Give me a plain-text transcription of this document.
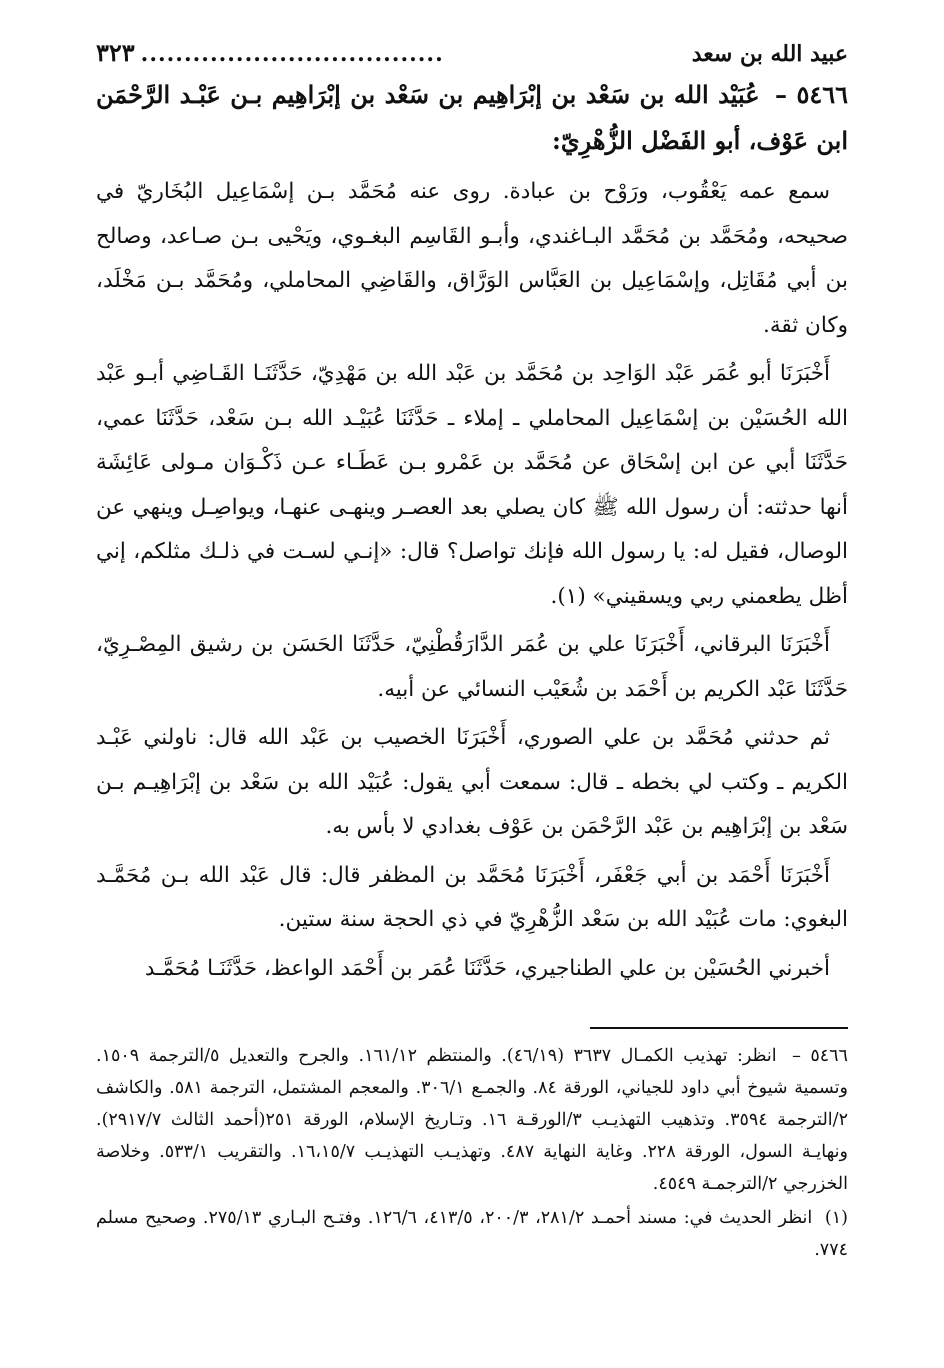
عبيد الله بن سعد
...................................
٣٢٣
٥٤٦٦ – عُبَيْد الله بن سَعْد بن إبْرَاهِيم بن سَعْد بن إبْرَاهِيم بـن عَبْـد الرَّحْمَن ابن عَوْف، أبو الفَضْل الزُّهْرِيّ:

سمع عمه يَعْقُوب، ورَوْح بن عبادة. روى عنه مُحَمَّد بـن إسْمَاعِيل البُخَاريّ في صحيحه، ومُحَمَّد بن مُحَمَّد البـاغندي، وأبـو القَاسِم البغـوي، ويَحْيى بـن صـاعد، وصالح بن أبي مُقَاتِل، وإسْمَاعِيل بن العَبَّاس الوَرَّاق، والقَاضِي المحاملي، ومُحَمَّد بـن مَخْلَد، وكان ثقة.

أَخْبَرَنَا أبو عُمَر عَبْد الوَاحِد بن مُحَمَّد بن عَبْد الله بن مَهْدِيّ، حَدَّثَنَـا القَـاضِي أبـو عَبْد الله الحُسَيْن بن إسْمَاعِيل المحاملي ـ إملاء ـ حَدَّثَنَا عُبَيْـد الله بـن سَعْد، حَدَّثَنَا عمي، حَدَّثَنَا أبي عن ابن إسْحَاق عن مُحَمَّد بن عَمْرو بـن عَطَـاء عـن ذَكْـوَان مـولى عَائِشَة أنها حدثته: أن رسول الله ﷺ كان يصلي بعد العصـر وينهـى عنهـا، ويواصِـل وينهي عن الوصال، فقيل له: يا رسول الله فإنك تواصل؟ قال: «إنـي لسـت في ذلـك مثلكم، إني أظل يطعمني ربي ويسقيني» (١).

أَخْبَرَنَا البرقاني، أَخْبَرَنَا علي بن عُمَر الدَّارَقُطْنِيّ، حَدَّثَنَا الحَسَن بن رشيق المِصْـرِيّ، حَدَّثَنَا عَبْد الكريم بن أَحْمَد بن شُعَيْب النسائي عن أبيه.

ثم حدثني مُحَمَّد بن علي الصوري، أَخْبَرَنَا الخصيب بن عَبْد الله قال: ناولني عَبْـد الكريم ـ وكتب لي بخطه ـ قال: سمعت أبي يقول: عُبَيْد الله بن سَعْد بن إبْرَاهِيـم بـن سَعْد بن إبْرَاهِيم بن عَبْد الرَّحْمَن بن عَوْف بغدادي لا بأس به.

أَخْبَرَنَا أَحْمَد بن أبي جَعْفَر، أَخْبَرَنَا مُحَمَّد بن المظفر قال: قال عَبْد الله بـن مُحَمَّـد البغوي: مات عُبَيْد الله بن سَعْد الزُّهْرِيّ في ذي الحجة سنة ستين.

أخبرني الحُسَيْن بن علي الطناجيري، حَدَّثَنَا عُمَر بن أَحْمَد الواعظ، حَدَّثَنَـا مُحَمَّـد

٥٤٦٦ – انظر: تهذيب الكمـال ٣٦٣٧ (٤٦/١٩). والمنتظم ١٦١/١٢. والجرح والتعديل ٥/الترجمة ١٥٠٩. وتسمية شيوخ أبي داود للجياني، الورقة ٨٤. والجمـع ٣٠٦/١. والمعجم المشتمل، الترجمة ٥٨١. والكاشف ٢/الترجمة ٣٥٩٤. وتذهيب التهذيـب ٣/الورقـة ١٦. وتـاريخ الإسلام، الورقة ٢٥١(أحمد الثالث ٢٩١٧/٧). ونهايـة السول، الورقة ٢٢٨. وغاية النهاية ٤٨٧. وتهذيـب التهذيـب ١٦،١٥/٧. والتقريب ٥٣٣/١. وخلاصة الخزرجي ٢/الترجمـة ٤٥٤٩.

(١) انظر الحديث في: مسند أحمـد ٢٨١/٢، ٢٠٠/٣، ٤١٣/٥، ١٢٦/٦. وفتـح البـاري ٢٧٥/١٣. وصحيح مسلم ٧٧٤.
